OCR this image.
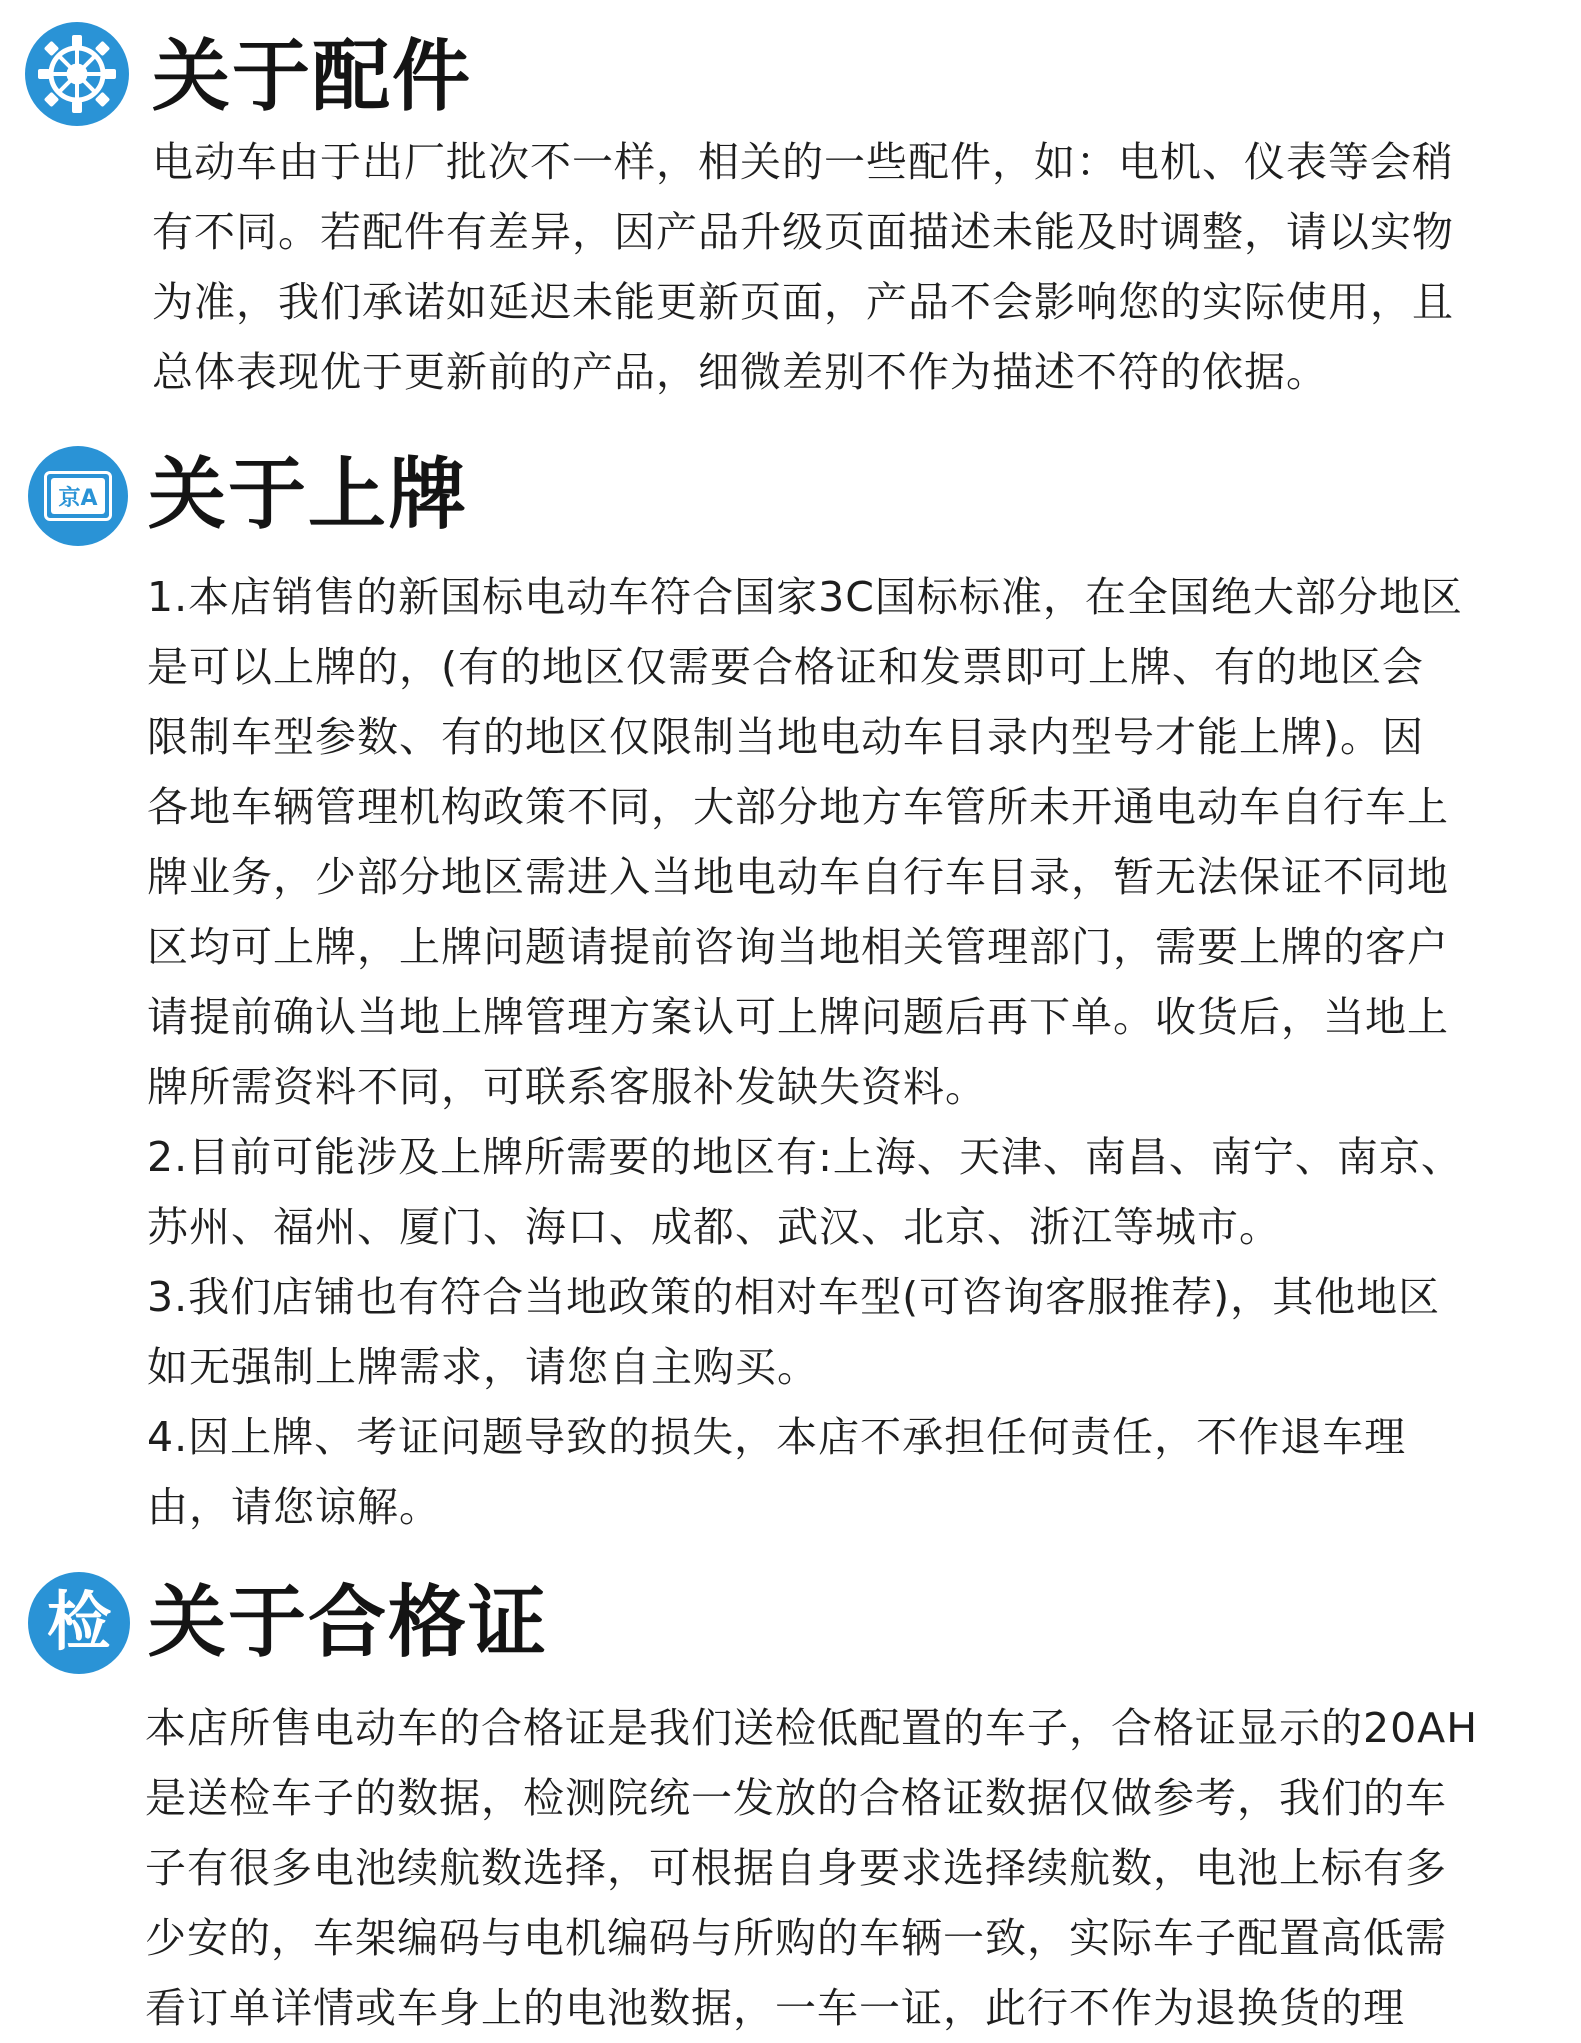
关于配件
电动车由于出厂批次不一样，相关的一些配件，如：电机、仪表等会稍
有不同。若配件有差异，因产品升级页面描述未能及时调整，请以实物
为准，我们承诺如延迟未能更新页面，产品不会影响您的实际使用，且
总体表现优于更新前的产品，细微差别不作为描述不符的依据。
京A 关于上牌
1.本店销售的新国标电动车符合国家3C国标标准，在全国绝大部分地区
是可以上牌的，(有的地区仅需要合格证和发票即可上牌、有的地区会
限制车型参数、有的地区仅限制当地电动车目录内型号才能上牌)。因
各地车辆管理机构政策不同，大部分地方车管所未开通电动车自行车上
牌业务，少部分地区需进入当地电动车自行车目录，暂无法保证不同地
区均可上牌，上牌问题请提前咨询当地相关管理部门，需要上牌的客户
请提前确认当地上牌管理方案认可上牌问题后再下单。收货后，当地上
牌所需资料不同，可联系客服补发缺失资料。
2.目前可能涉及上牌所需要的地区有:上海、天津、南昌、南宁、南京、
苏州、福州、厦门、海口、成都、武汉、北京、浙江等城市。
3.我们店铺也有符合当地政策的相对车型(可咨询客服推荐)，其他地区
如无强制上牌需求，请您自主购买。
4.因上牌、考证问题导致的损失，本店不承担任何责任，不作退车理
由，请您谅解。
检 关于合格证
本店所售电动车的合格证是我们送检低配置的车子，合格证显示的20AH
是送检车子的数据，检测院统一发放的合格证数据仅做参考，我们的车
子有很多电池续航数选择，可根据自身要求选择续航数，电池上标有多
少安的，车架编码与电机编码与所购的车辆一致，实际车子配置高低需
看订单详情或车身上的电池数据，一车一证，此行不作为退换货的理
